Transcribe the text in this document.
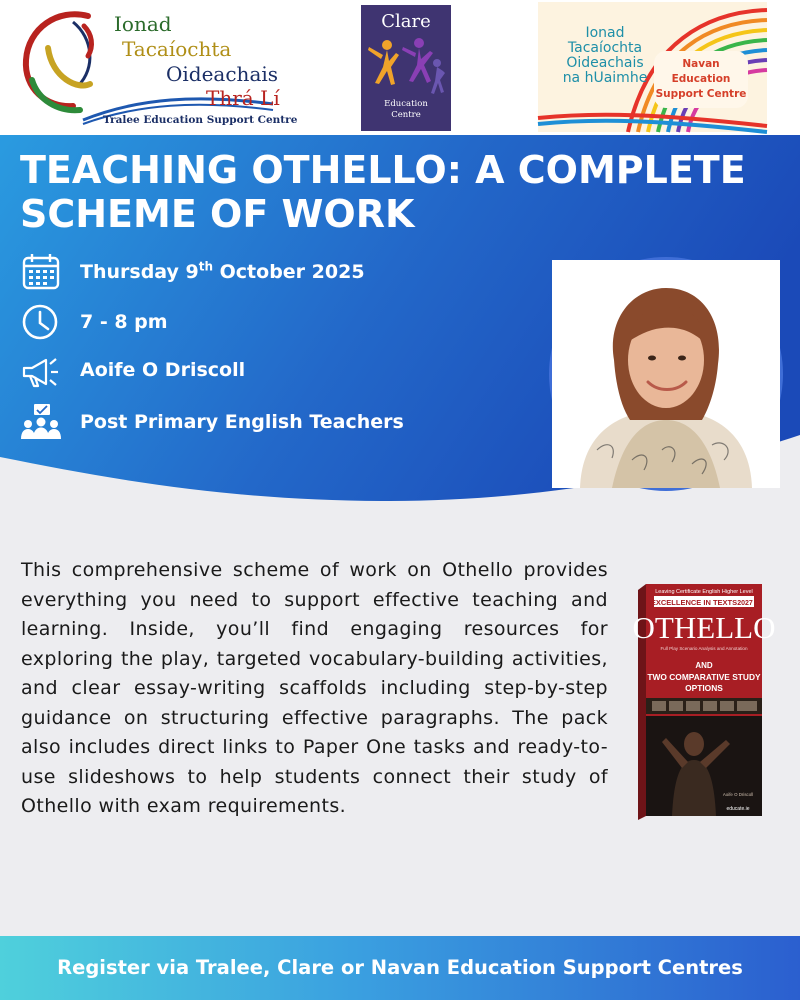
Ionad
Tacaíochta
Oideachais
Thrá Lí
Tralee Education Support Centre
Clare
Education
Centre
Ionad
Tacaíochta
Oideachais
na hUaimhe
Navan
Education
Support Centre
TEACHING OTHELLO: A COMPLETE
SCHEME OF WORK
Thursday 9th October 2025
7 - 8 pm
Aoife O Driscoll
Post Primary English Teachers

This comprehensive scheme of work on Othello provides everything you need to support effective teaching and learning. Inside, you’ll find engaging resources for exploring the play, targeted vocabulary-building activities, and clear essay-writing scaffolds including step-by-step guidance on structuring effective paragraphs. The pack also includes direct links to Paper One tasks and ready-to-use slideshows to help students connect their study of Othello with exam requirements.

Leaving Certificate English Higher Level
EXCELLENCE IN TEXTS 2027
OTHELLO
Full Play Scenario Analysis and Annotation
AND
TWO COMPARATIVE STUDY
OPTIONS
Aoife O Driscoll
educate.ie
Register via Tralee, Clare or Navan Education Support Centres
